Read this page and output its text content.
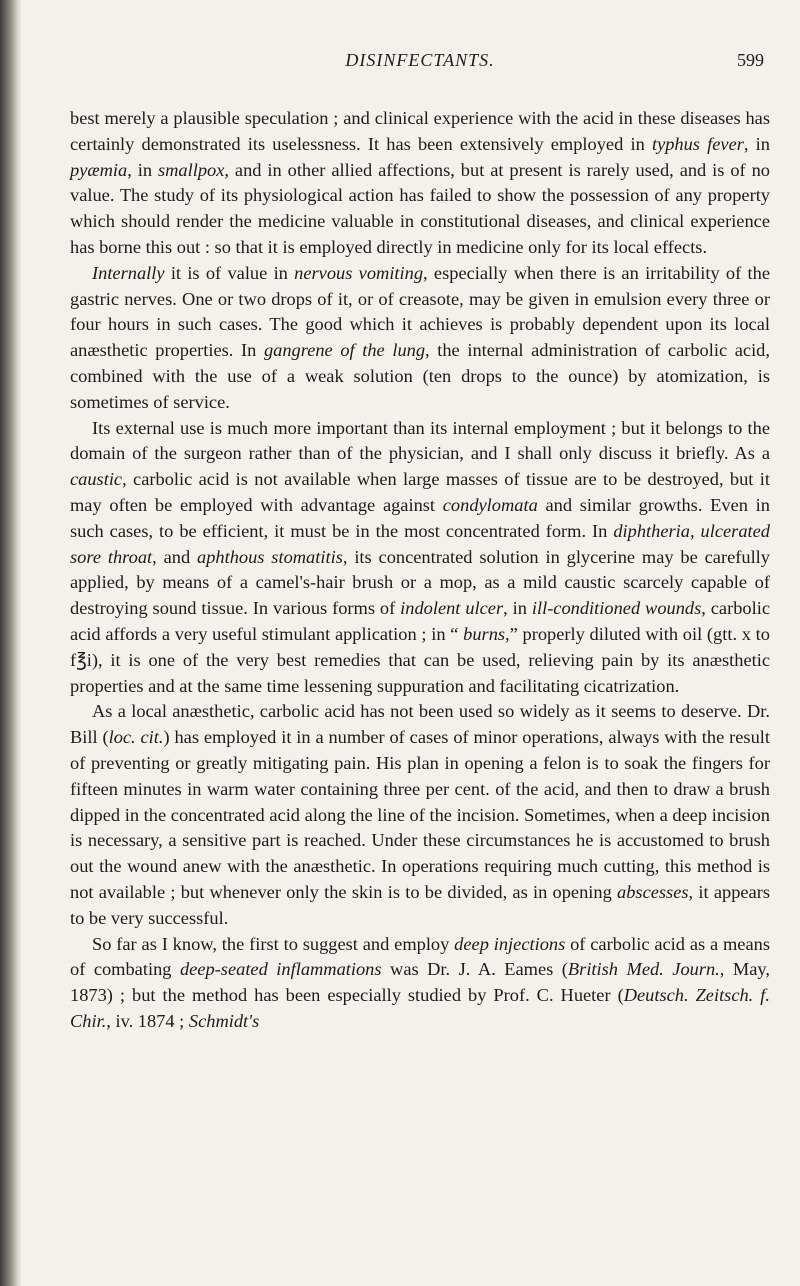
DISINFECTANTS.	599

best merely a plausible speculation ; and clinical experience with the acid in these diseases has certainly demonstrated its uselessness. It has been extensively employed in typhus fever, in pyæmia, in smallpox, and in other allied affections, but at present is rarely used, and is of no value. The study of its physiological action has failed to show the possession of any property which should render the medicine valuable in constitutional diseases, and clinical experience has borne this out : so that it is employed directly in medicine only for its local effects.

Internally it is of value in nervous vomiting, especially when there is an irritability of the gastric nerves. One or two drops of it, or of creasote, may be given in emulsion every three or four hours in such cases. The good which it achieves is probably dependent upon its local anæsthetic properties. In gangrene of the lung, the internal administration of carbolic acid, combined with the use of a weak solution (ten drops to the ounce) by atomization, is sometimes of service.

Its external use is much more important than its internal employment ; but it belongs to the domain of the surgeon rather than of the physician, and I shall only discuss it briefly. As a caustic, carbolic acid is not available when large masses of tissue are to be destroyed, but it may often be employed with advantage against condylomata and similar growths. Even in such cases, to be efficient, it must be in the most concentrated form. In diphtheria, ulcerated sore throat, and aphthous stomatitis, its concentrated solution in glycerine may be carefully applied, by means of a camel's-hair brush or a mop, as a mild caustic scarcely capable of destroying sound tissue. In various forms of indolent ulcer, in ill-conditioned wounds, carbolic acid affords a very useful stimulant application ; in “ burns,” properly diluted with oil (gtt. x to f℥i), it is one of the very best remedies that can be used, relieving pain by its anæsthetic properties and at the same time lessening suppuration and facilitating cicatrization.

As a local anæsthetic, carbolic acid has not been used so widely as it seems to deserve. Dr. Bill (loc. cit.) has employed it in a number of cases of minor operations, always with the result of preventing or greatly mitigating pain. His plan in opening a felon is to soak the fingers for fifteen minutes in warm water containing three per cent. of the acid, and then to draw a brush dipped in the concentrated acid along the line of the incision. Sometimes, when a deep incision is necessary, a sensitive part is reached. Under these circumstances he is accustomed to brush out the wound anew with the anæsthetic. In operations requiring much cutting, this method is not available ; but whenever only the skin is to be divided, as in opening abscesses, it appears to be very successful.

So far as I know, the first to suggest and employ deep injections of carbolic acid as a means of combating deep-seated inflammations was Dr. J. A. Eames (British Med. Journ., May, 1873) ; but the method has been especially studied by Prof. C. Hueter (Deutsch. Zeitsch. f. Chir., iv. 1874 ; Schmidt's
